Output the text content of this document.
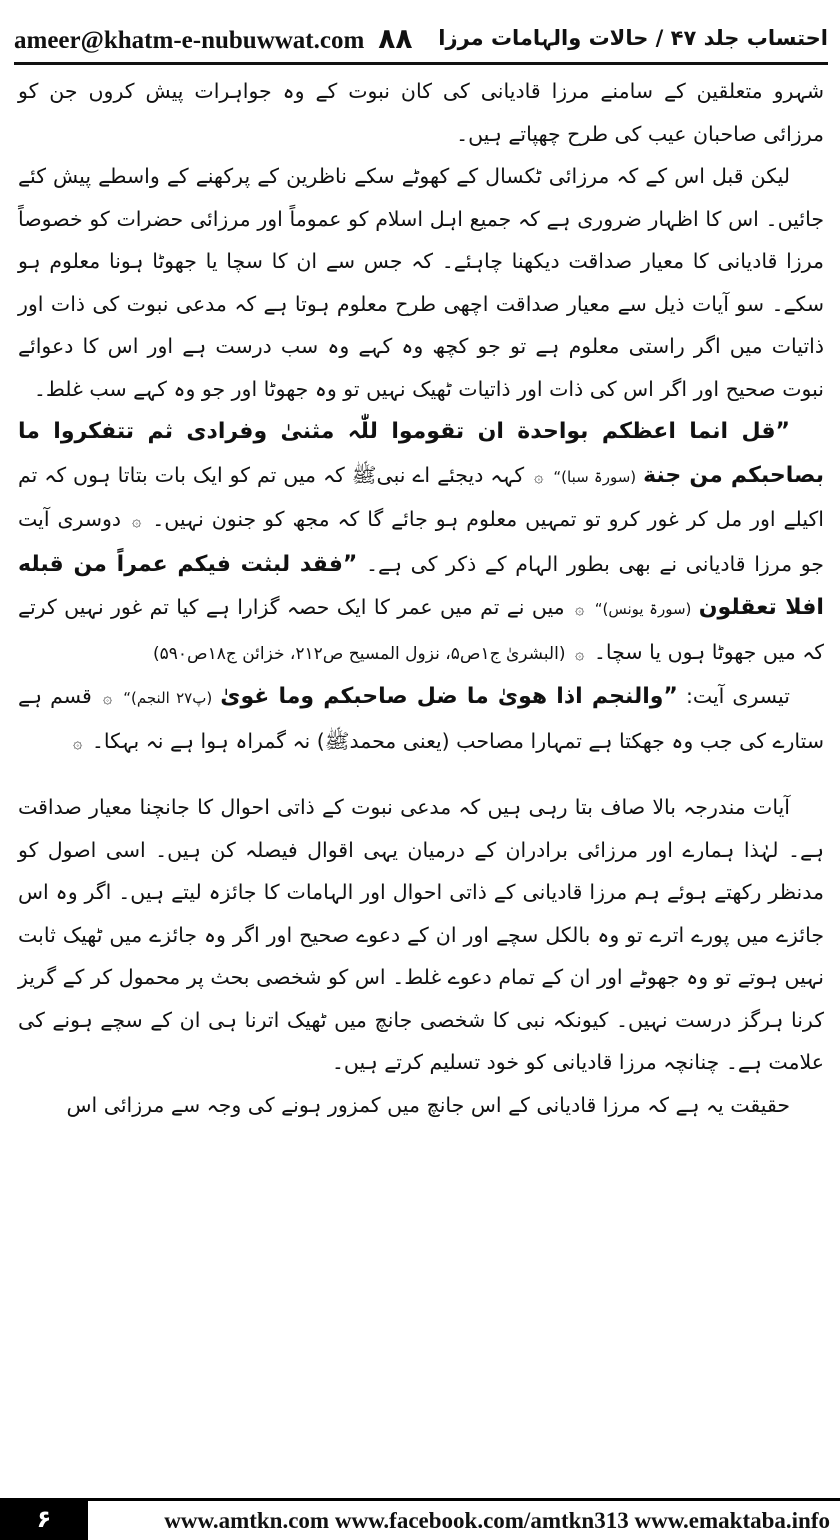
ameer@khatm-e-nubuwwat.com ۸۸ احتساب جلد ۴۷ / حالات والہامات مرزا

شہرو متعلقین کے سامنے مرزا قادیانی کی کان نبوت کے وہ جواہرات پیش کروں جن کو مرزائی صاحبان عیب کی طرح چھپاتے ہیں۔

لیکن قبل اس کے کہ مرزائی ٹکسال کے کھوٹے سکے ناظرین کے پرکھنے کے واسطے پیش کئے جائیں۔ اس کا اظہار ضروری ہے کہ جمیع اہل اسلام کو عموماً اور مرزائی حضرات کو خصوصاً مرزا قادیانی کا معیار صداقت دیکھنا چاہئے۔ کہ جس سے ان کا سچا یا جھوٹا ہونا معلوم ہو سکے۔ سو آیات ذیل سے معیار صداقت اچھی طرح معلوم ہوتا ہے کہ مدعی نبوت کی ذات اور ذاتیات میں اگر راستی معلوم ہے تو جو کچھ وہ کہے وہ سب درست ہے اور اس کا دعوائے نبوت صحیح اور اگر اس کی ذات اور ذاتیات ٹھیک نہیں تو وہ جھوٹا اور جو وہ کہے سب غلط۔

”قل انما اعظکم بواحدة ان تقوموا للّٰہ مثنیٰ وفرادی ثم تتفکروا ما بصاحبکم من جنة (سورۃ سبا)“ ۞ کہہ دیجئے اے نبیﷺ کہ میں تم کو ایک بات بتاتا ہوں کہ تم اکیلے اور مل کر غور کرو تو تمہیں معلوم ہو جائے گا کہ مجھ کو جنون نہیں۔ ۞ دوسری آیت جو مرزا قادیانی نے بھی بطور الہام کے ذکر کی ہے۔ ”فقد لبثت فیکم عمراً من قبله افلا تعقلون (سورۃ یونس)“ ۞ میں نے تم میں عمر کا ایک حصہ گزارا ہے کیا تم غور نہیں کرتے کہ میں جھوٹا ہوں یا سچا۔ ۞ (البشریٰ ج۱ص۵، نزول المسیح ص۲۱۲، خزائن ج۱۸ص۵۹۰)

تیسری آیت: ”والنجم اذا هویٰ ما ضل صاحبکم وما غویٰ (پ۲۷ النجم)“ ۞ قسم ہے ستارے کی جب وہ جھکتا ہے تمہارا مصاحب (یعنی محمدﷺ) نہ گمراہ ہوا ہے نہ بہکا۔ ۞

آیات مندرجہ بالا صاف بتا رہی ہیں کہ مدعی نبوت کے ذاتی احوال کا جانچنا معیار صداقت ہے۔ لہٰذا ہمارے اور مرزائی برادران کے درمیان یہی اقوال فیصلہ کن ہیں۔ اسی اصول کو مدنظر رکھتے ہوئے ہم مرزا قادیانی کے ذاتی احوال اور الہامات کا جائزہ لیتے ہیں۔ اگر وہ اس جائزے میں پورے اترے تو وہ بالکل سچے اور ان کے دعوے صحیح اور اگر وہ جائزے میں ٹھیک ثابت نہیں ہوتے تو وہ جھوٹے اور ان کے تمام دعوے غلط۔ اس کو شخصی بحث پر محمول کر کے گریز کرنا ہرگز درست نہیں۔ کیونکہ نبی کا شخصی جانچ میں ٹھیک اترنا ہی ان کے سچے ہونے کی علامت ہے۔ چنانچہ مرزا قادیانی کو خود تسلیم کرتے ہیں۔

حقیقت یہ ہے کہ مرزا قادیانی کے اس جانچ میں کمزور ہونے کی وجہ سے مرزائی اس

۶	www.amtkn.com www.facebook.com/amtkn313 www.emaktaba.info
